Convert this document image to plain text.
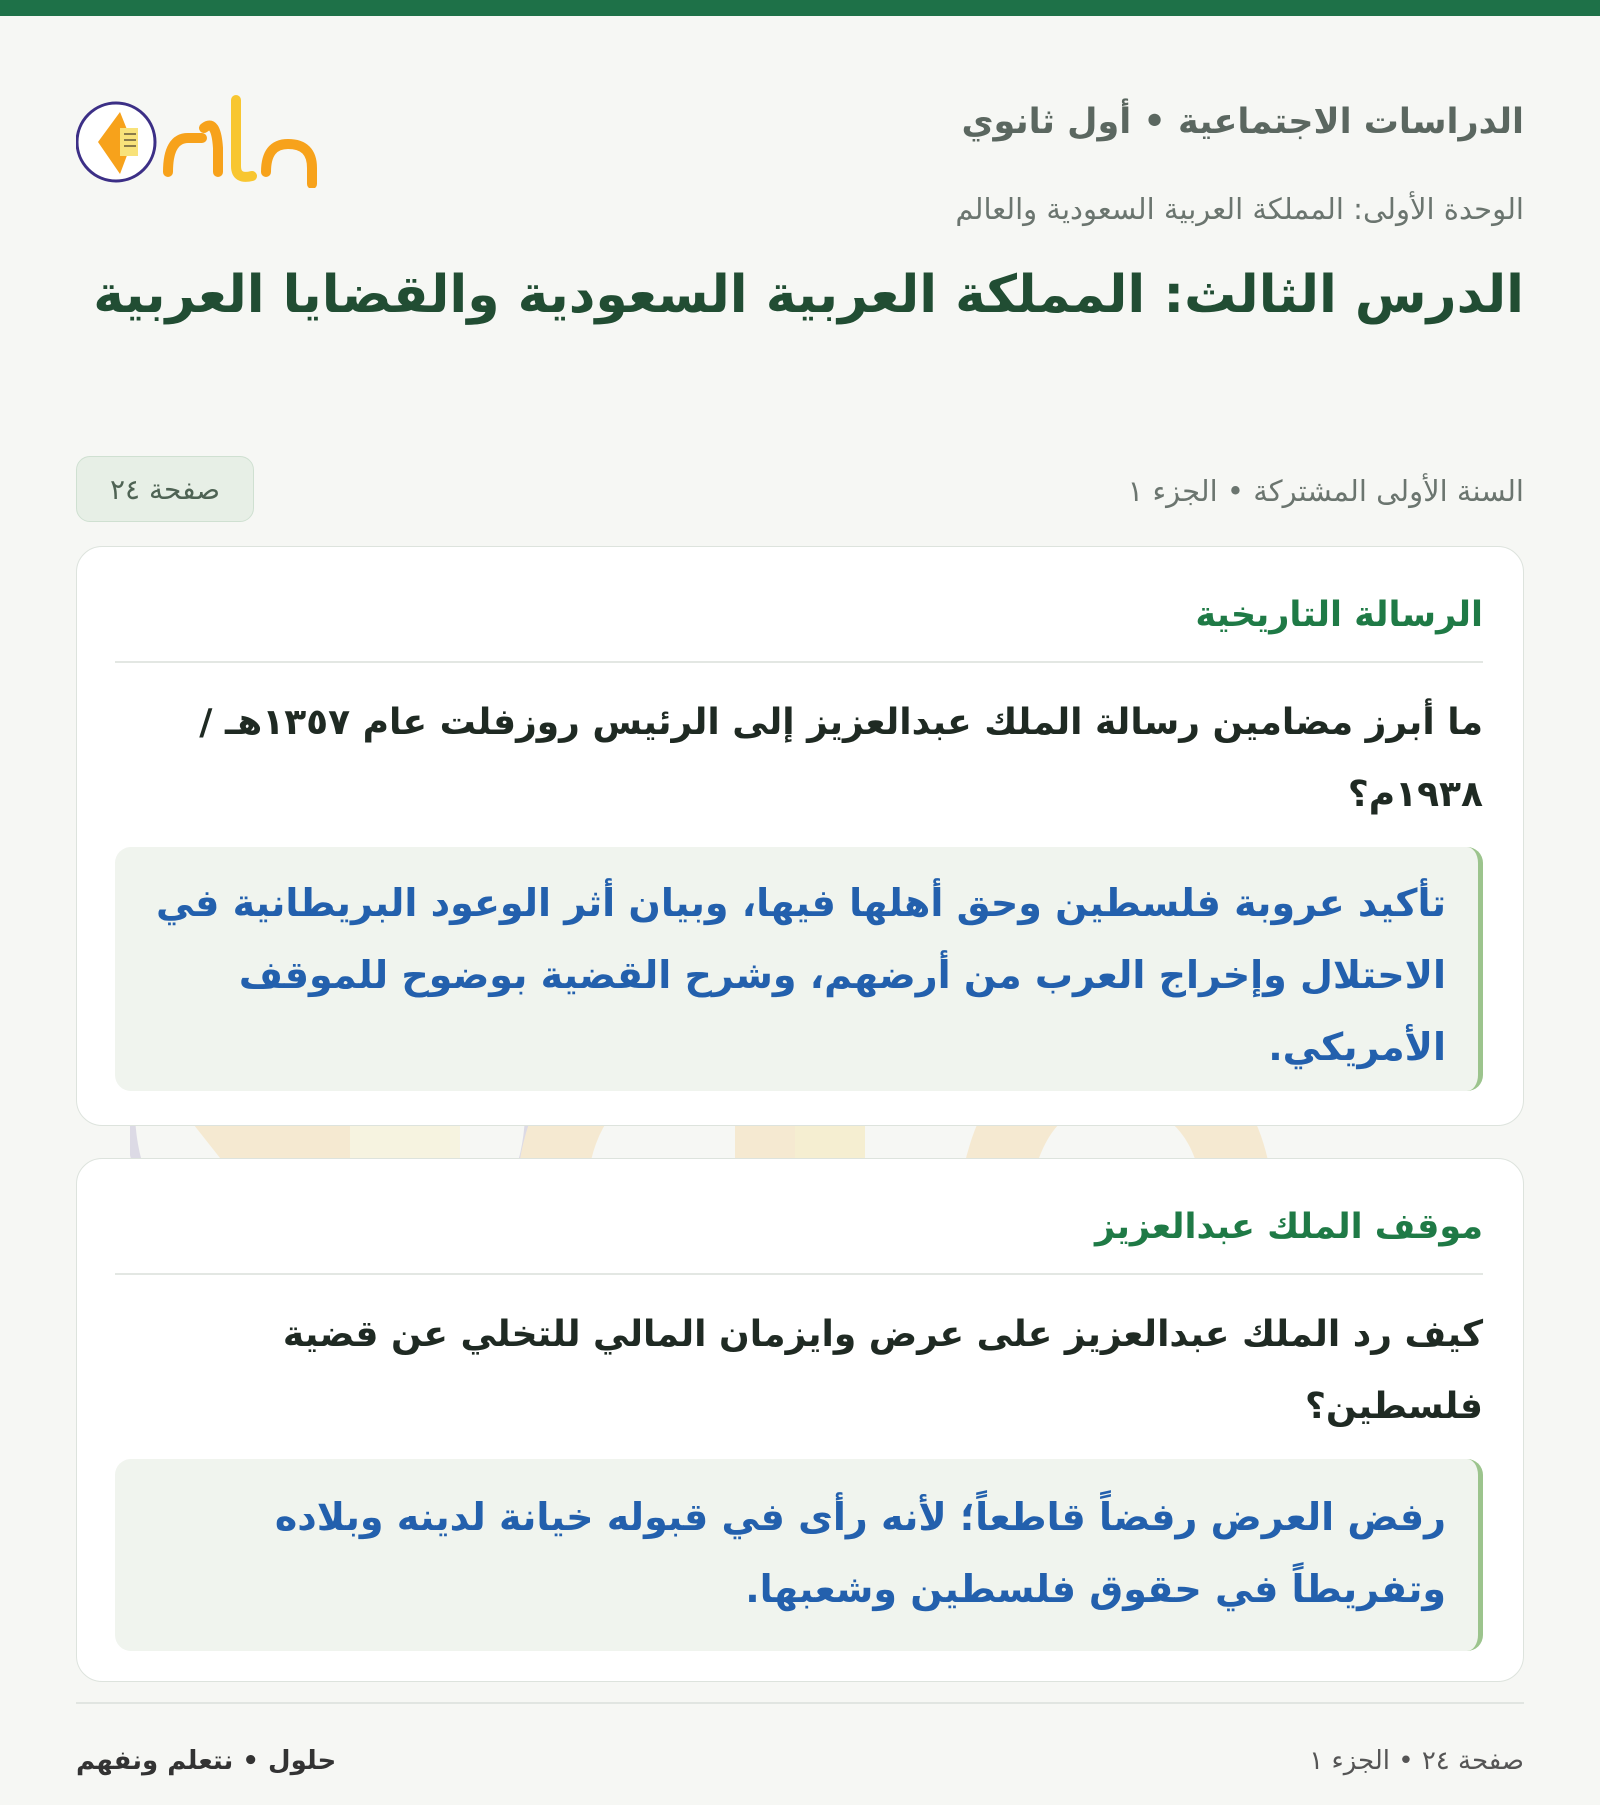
الدراسات الاجتماعية • أول ثانوي
الوحدة الأولى: المملكة العربية السعودية والعالم
الدرس الثالث: المملكة العربية السعودية والقضايا العربية
السنة الأولى المشتركة • الجزء ١
صفحة ٢٤
الرسالة التاريخية
ما أبرز مضامين رسالة الملك عبدالعزيز إلى الرئيس روزفلت عام ١٣٥٧هـ / ١٩٣٨م؟
تأكيد عروبة فلسطين وحق أهلها فيها، وبيان أثر الوعود البريطانية في الاحتلال وإخراج العرب من أرضهم، وشرح القضية بوضوح للموقف الأمريكي.
موقف الملك عبدالعزيز
كيف رد الملك عبدالعزيز على عرض وايزمان المالي للتخلي عن قضية فلسطين؟
رفض العرض رفضاً قاطعاً؛ لأنه رأى في قبوله خيانة لدينه وبلاده وتفريطاً في حقوق فلسطين وشعبها.
حلول • نتعلم ونفهم	صفحة ٢٤ • الجزء ١
